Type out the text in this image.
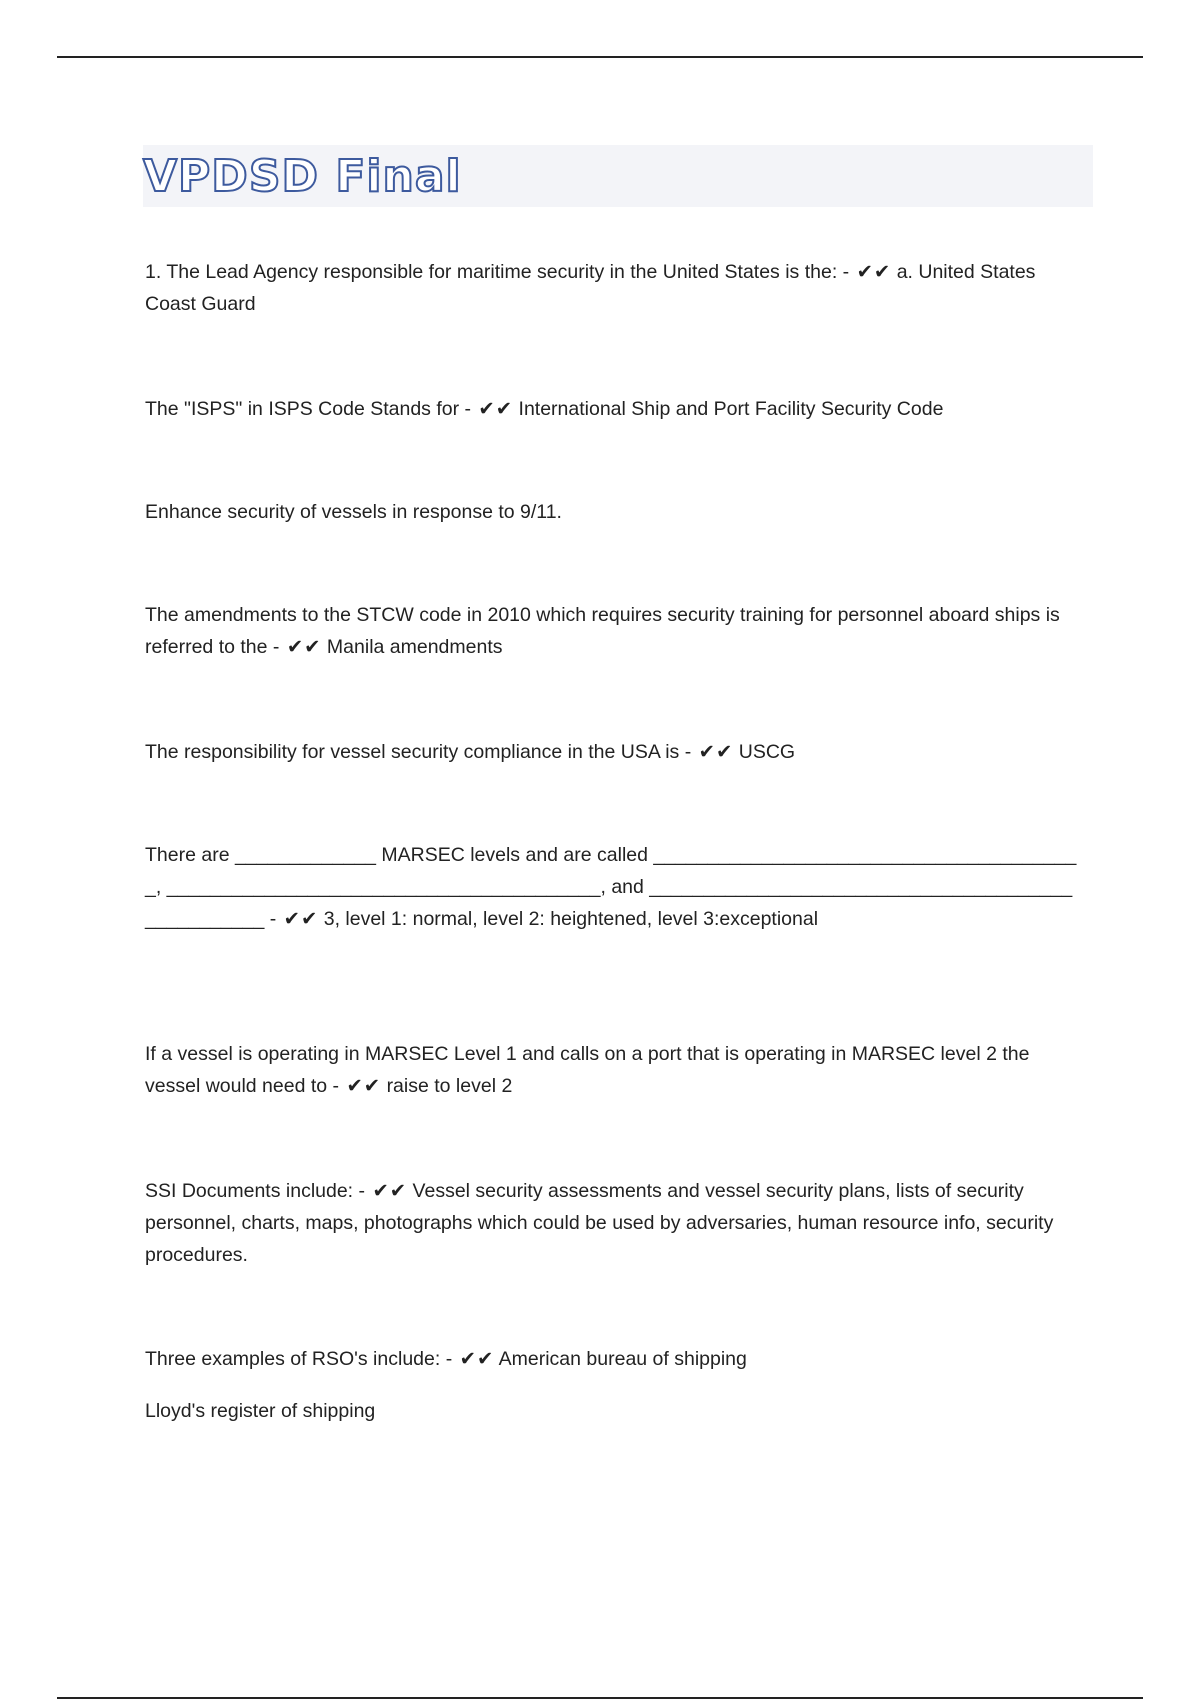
VPDSD Final

1. The Lead Agency responsible for maritime security in the United States is the: - ✔✔ a. United States Coast Guard

The "ISPS" in ISPS Code Stands for - ✔✔ International Ship and Port Facility Security Code

Enhance security of vessels in response to 9/11.

The amendments to the STCW code in 2010 which requires security training for personnel aboard ships is referred to the - ✔✔ Manila amendments

The responsibility for vessel security compliance in the USA is - ✔✔ USCG

There are _____________ MARSEC levels and are called ________________________________________, ________________________________________, and __________________________________________________ - ✔✔ 3, level 1: normal, level 2: heightened, level 3:exceptional

If a vessel is operating in MARSEC Level 1 and calls on a port that is operating in MARSEC level 2 the vessel would need to - ✔✔ raise to level 2

SSI Documents include: - ✔✔ Vessel security assessments and vessel security plans, lists of security personnel, charts, maps, photographs which could be used by adversaries, human resource info, security procedures.

Three examples of RSO's include: - ✔✔ American bureau of shipping

Lloyd's register of shipping
